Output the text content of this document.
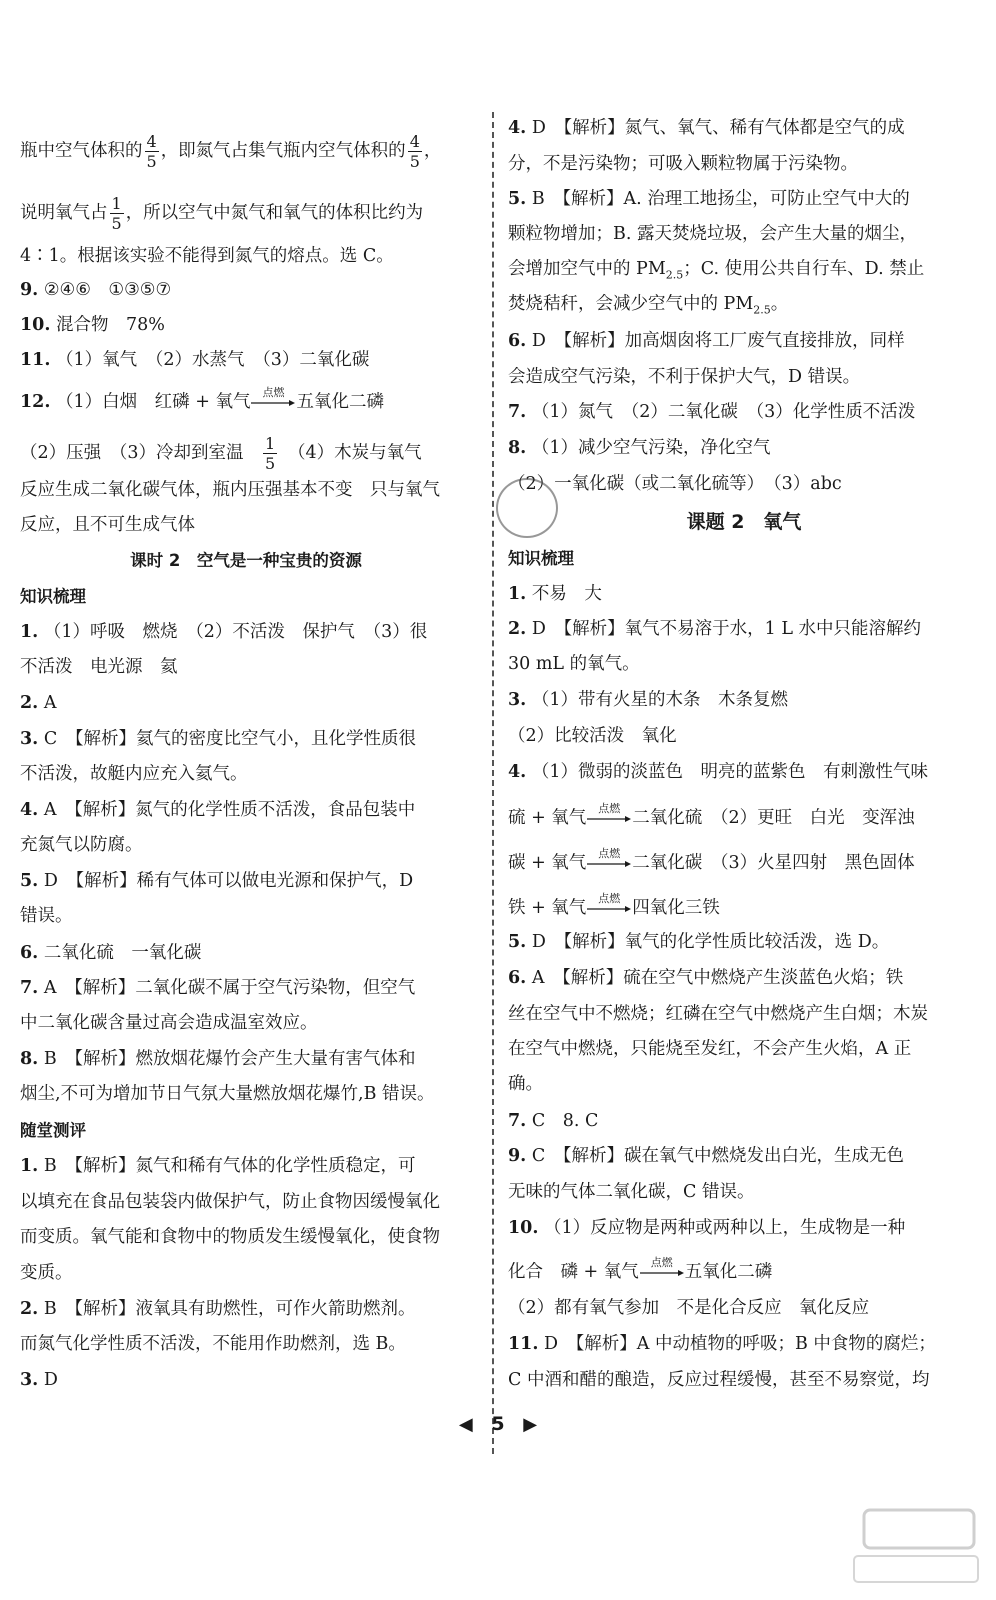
瓶中空气体积的 $\frac{4}{5}$ ，即氮气占集气瓶内空气体积的 $\frac{4}{5}$ ，
说明氧气占 $\frac{1}{5}$ ，所以空气中氮气和氧气的体积比约为
4∶1。根据该实验不能得到氮气的熔点。选 C。
9. ②④⑥　①③⑤⑦
10. 混合物　78%
11. （1）氧气　（2）水蒸气　（3）二氧化碳
12. （1）白烟　红磷 + 氧气 点燃 五氧化二磷
（2）压强　（3）冷却到室温　 $\frac{1}{5}$
　 （4）木炭与氧气
反应生成二氧化碳气体，瓶内压强基本不变　只与氧气
反应，且不可生成气体
课时 2　空气是一种宝贵的资源
知识梳理
1. （1）呼吸　燃烧　（2）不活泼　保护气　（3）很
不活泼　电光源　氦
2. A
3. C　【解析】氦气的密度比空气小，且化学性质很
不活泼，故艇内应充入氦气。
4. A　【解析】氮气的化学性质不活泼，食品包装中
充氮气以防腐。
5. D　【解析】稀有气体可以做电光源和保护气，D
错误。
6. 二氧化硫　一氧化碳
7. A　【解析】二氧化碳不属于空气污染物，但空气
中二氧化碳含量过高会造成温室效应。
8. B　【解析】燃放烟花爆竹会产生大量有害气体和
烟尘,不可为增加节日气氛大量燃放烟花爆竹,B 错误。
随堂测评
1. B　【解析】氮气和稀有气体的化学性质稳定，可
以填充在食品包装袋内做保护气，防止食物因缓慢氧化
而变质。氧气能和食物中的物质发生缓慢氧化，使食物
变质。
2. B　【解析】液氧具有助燃性，可作火箭助燃剂。
而氮气化学性质不活泼，不能用作助燃剂，选 B。
3. D
4. D　【解析】氮气、氧气、稀有气体都是空气的成
分，不是污染物；可吸入颗粒物属于污染物。
5. B　【解析】A. 治理工地扬尘，可防止空气中大的
颗粒物增加；B. 露天焚烧垃圾，会产生大量的烟尘，
会增加空气中的 $PM_{2.5}$；C. 使用公共自行车、D. 禁止
焚烧秸秆，会减少空气中的 $PM_{2.5}$。
6. D　【解析】加高烟囱将工厂废气直接排放，同样
会造成空气污染，不利于保护大气，D 错误。
7. （1）氮气　（2）二氧化碳　（3）化学性质不活泼
8. （1）减少空气污染，净化空气
（2）一氧化碳（或二氧化硫等）　（3）abc
课题 2　氧气
知识梳理
1. 不易　大
2. D　【解析】氧气不易溶于水，1 L 水中只能溶解约
30 mL 的氧气。
3. （1）带有火星的木条　木条复燃
（2）比较活泼　氧化
4. （1）微弱的淡蓝色　明亮的蓝紫色　有刺激性气味
硫 + 氧气 点燃 二氧化硫　（2）更旺　白光　变浑浊
碳 + 氧气 点燃 二氧化碳　（3）火星四射　黑色固体
铁 + 氧气 点燃 四氧化三铁
5. D　【解析】氧气的化学性质比较活泼，选 D。
6. A　【解析】硫在空气中燃烧产生淡蓝色火焰；铁
丝在空气中不燃烧；红磷在空气中燃烧产生白烟；木炭
在空气中燃烧，只能烧至发红，不会产生火焰，A 正
确。
7. C　8. C
9. C　【解析】碳在氧气中燃烧发出白光，生成无色
无味的气体二氧化碳，C 错误。
10. （1）反应物是两种或两种以上，生成物是一种
化合　磷 + 氧气 点燃 五氧化二磷
（2）都有氧气参加　不是化合反应　氧化反应
11. D　【解析】A 中动植物的呼吸；B 中食物的腐烂；
C 中酒和醋的酿造，反应过程缓慢，甚至不易察觉，均
◀ 5 ▶
